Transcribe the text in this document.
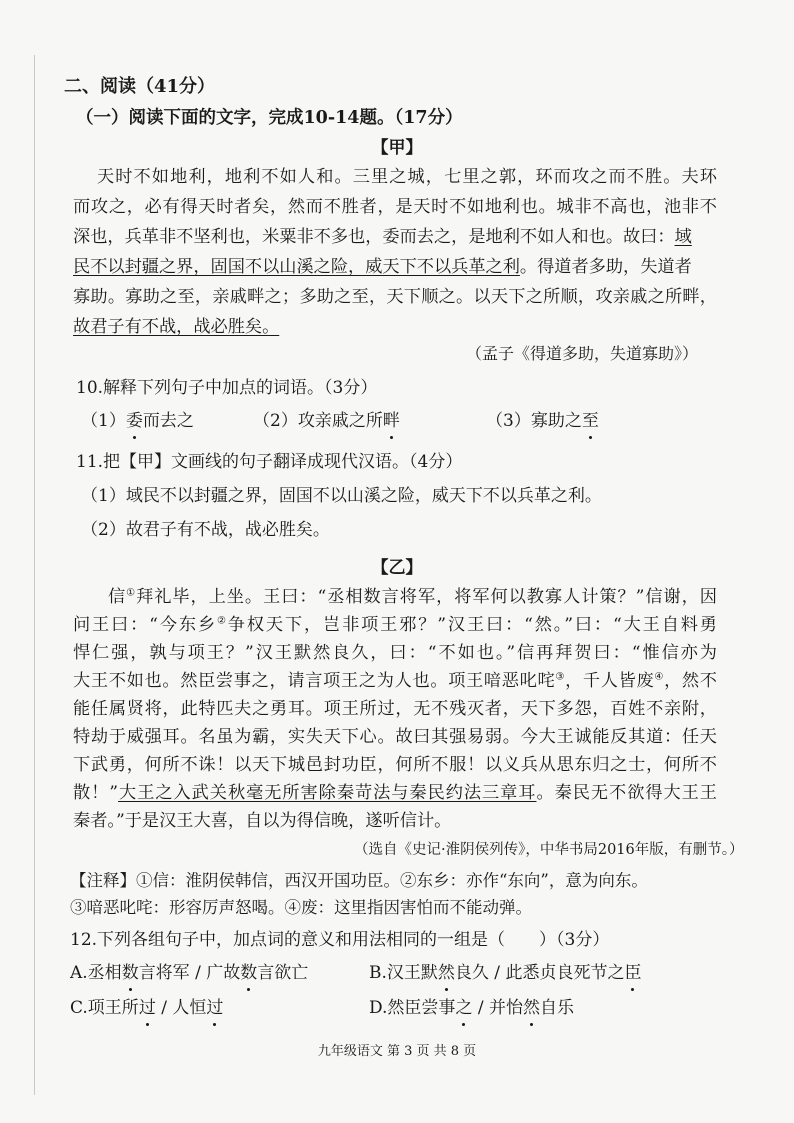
二、阅读（41分）
（一）阅读下面的文字，完成10-14题。（17分）
【甲】
天时不如地利，地利不如人和。三里之城，七里之郭，环而攻之而不胜。夫环
而攻之，必有得天时者矣，然而不胜者，是天时不如地利也。城非不高也，池非不
深也，兵革非不坚利也，米粟非不多也，委而去之，是地利不如人和也。故曰：域
民不以封疆之界，固国不以山溪之险，威天下不以兵革之利。得道者多助，失道者
寡助。寡助之至，亲戚畔之；多助之至，天下顺之。以天下之所顺，攻亲戚之所畔，
故君子有不战，战必胜矣。
（孟子《得道多助，失道寡助》）
10.解释下列句子中加点的词语。（3分）
（1）委而去之	（2）攻亲戚之所畔	（3）寡助之至
11.把【甲】文画线的句子翻译成现代汉语。（4分）
（1）域民不以封疆之界，固国不以山溪之险，威天下不以兵革之利。
（2）故君子有不战，战必胜矣。
【乙】
信①拜礼毕，上坐。王曰：“丞相数言将军，将军何以教寡人计策？”信谢，因
问王曰：“今东乡②争权天下，岂非项王邪？”汉王曰：“然。”曰：“大王自料勇
悍仁强，孰与项王？”汉王默然良久，曰：“不如也。”信再拜贺曰：“惟信亦为
大王不如也。然臣尝事之，请言项王之为人也。项王喑恶叱咤③，千人皆废④，然不
能任属贤将，此特匹夫之勇耳。项王所过，无不残灭者，天下多怨，百姓不亲附，
特劫于威强耳。名虽为霸，实失天下心。故曰其强易弱。今大王诚能反其道：任天
下武勇，何所不诛！以天下城邑封功臣，何所不服！以义兵从思东归之士，何所不
散！”大王之入武关秋毫无所害除秦苛法与秦民约法三章耳。秦民无不欲得大王王
秦者。”于是汉王大喜，自以为得信晚，遂听信计。
（选自《史记·淮阴侯列传》，中华书局2016年版，有删节。）
【注释】①信：淮阴侯韩信，西汉开国功臣。②东乡：亦作“东向”，意为向东。
③喑恶叱咤：形容厉声怒喝。④废：这里指因害怕而不能动弹。
12.下列各组句子中，加点词的意义和用法相同的一组是（　　）（3分）
A.丞相数言将军 / 广故数言欲亡	B.汉王默然良久 / 此悉贞良死节之臣
C.项王所过 / 人恒过	D.然臣尝事之 / 并怡然自乐
九年级语文 第 3 页 共 8 页
